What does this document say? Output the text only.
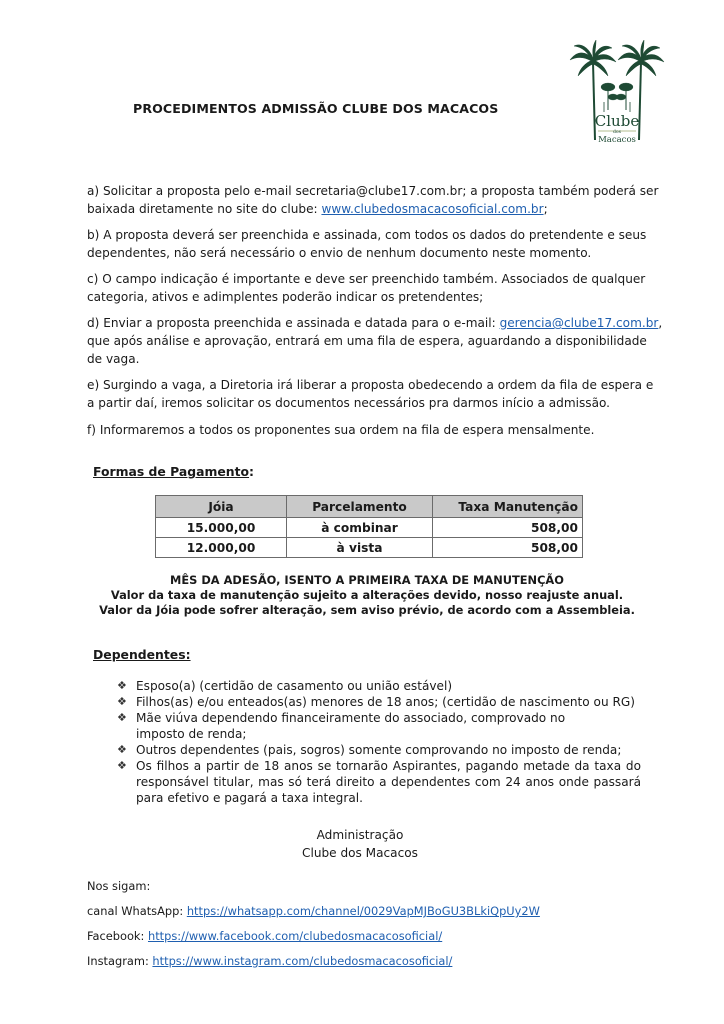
Clube
dos
Macacos
PROCEDIMENTOS ADMISSÃO CLUBE DOS MACACOS
a) Solicitar a proposta pelo e-mail secretaria@clube17.com.br; a proposta também poderá ser
baixada diretamente no site do clube: www.clubedosmacacosoficial.com.br;
b) A proposta deverá ser preenchida e assinada, com todos os dados do pretendente e seus
dependentes, não será necessário o envio de nenhum documento neste momento.
c) O campo indicação é importante e deve ser preenchido também. Associados de qualquer
categoria, ativos e adimplentes poderão indicar os pretendentes;
d) Enviar a proposta preenchida e assinada e datada para o e-mail: gerencia@clube17.com.br,
que após análise e aprovação, entrará em uma fila de espera, aguardando a disponibilidade
de vaga.
e) Surgindo a vaga, a Diretoria irá liberar a proposta obedecendo a ordem da fila de espera e
a partir daí, iremos solicitar os documentos necessários pra darmos início a admissão.
f) Informaremos a todos os proponentes sua ordem na fila de espera mensalmente.
Formas de Pagamento:
Jóia	Parcelamento	Taxa Manutenção
15.000,00	à combinar	508,00
12.000,00	à vista	508,00
MÊS DA ADESÃO, ISENTO A PRIMEIRA TAXA DE MANUTENÇÃO
Valor da taxa de manutenção sujeito a alterações devido, nosso reajuste anual.
Valor da Jóia pode sofrer alteração, sem aviso prévio, de acordo com a Assembleia.
Dependentes:
❖ Esposo(a) (certidão de casamento ou união estável)
❖ Filhos(as) e/ou enteados(as) menores de 18 anos; (certidão de nascimento ou RG)
❖ Mãe viúva dependendo financeiramente do associado, comprovado no imposto de renda;
❖ Outros dependentes (pais, sogros) somente comprovando no imposto de renda;
❖ Os filhos a partir de 18 anos se tornarão Aspirantes, pagando metade da taxa do responsável titular, mas só terá direito a dependentes com 24 anos onde passará para efetivo e pagará a taxa integral.
Administração
Clube dos Macacos
Nos sigam:
canal WhatsApp: https://whatsapp.com/channel/0029VapMJBoGU3BLkiQpUy2W
Facebook: https://www.facebook.com/clubedosmacacosoficial/
Instagram: https://www.instagram.com/clubedosmacacosoficial/
